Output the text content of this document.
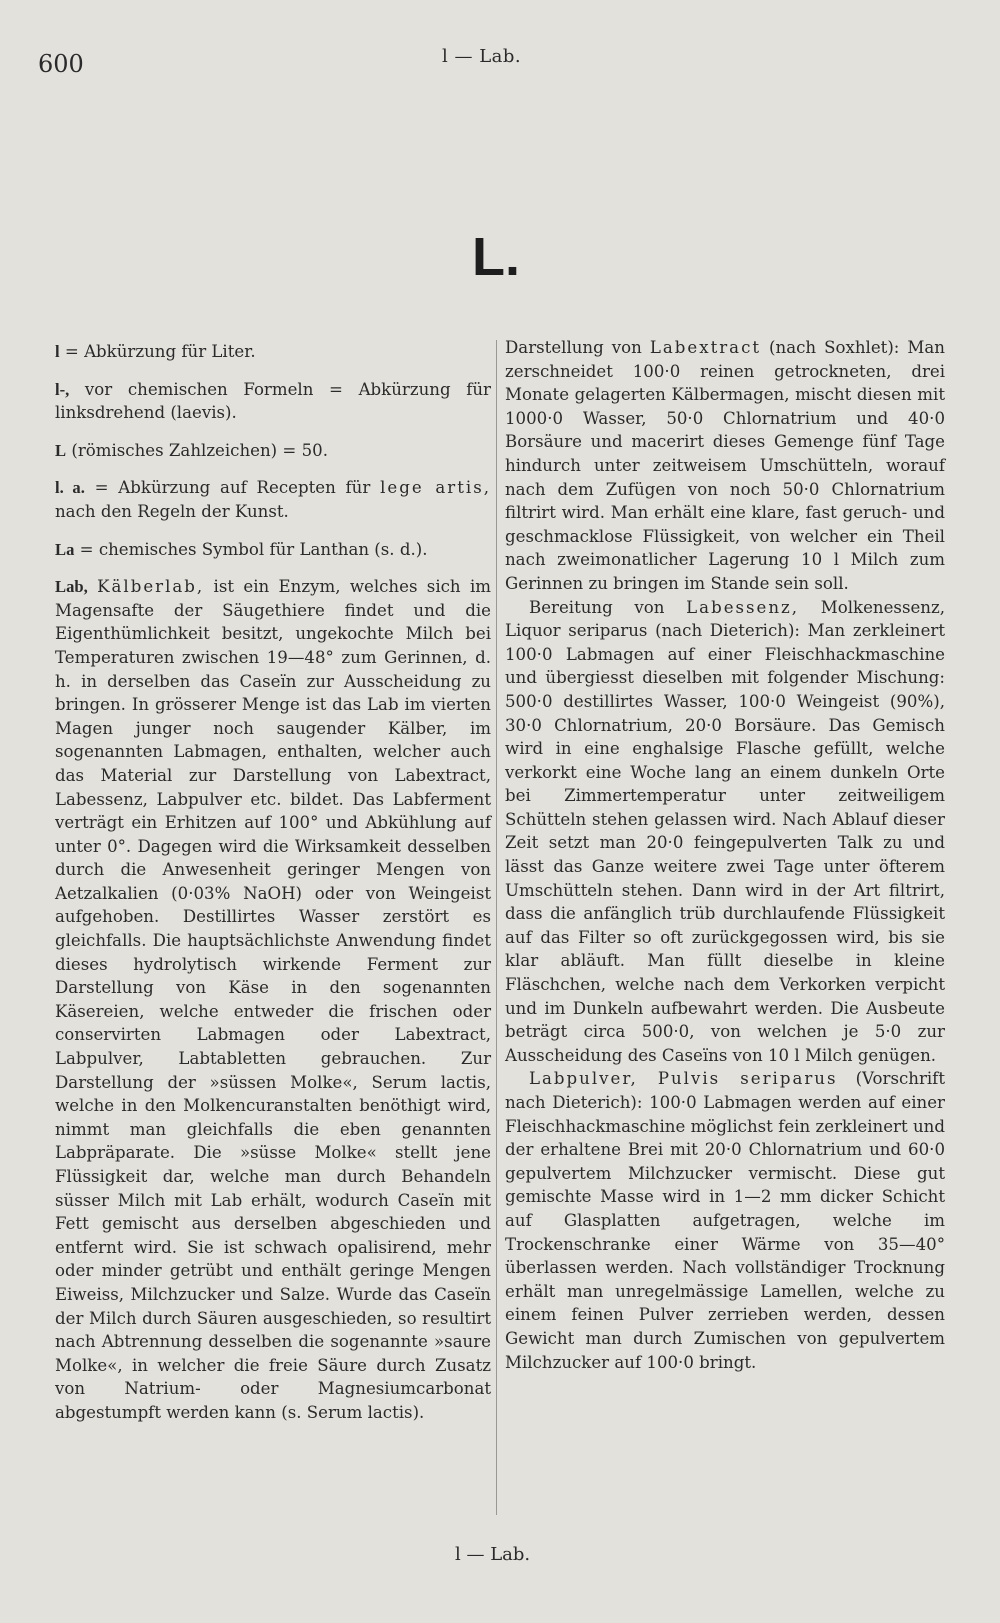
600	l — Lab.
L.

l = Abkürzung für Liter.

l-, vor chemischen Formeln = Abkürzung für linksdrehend (laevis).

L (römisches Zahlzeichen) = 50.

l. a. = Abkürzung auf Recepten für lege artis, nach den Regeln der Kunst.

La = chemisches Symbol für Lanthan (s. d.).

Lab, Kälberlab, ist ein Enzym, welches sich im Magensafte der Säugethiere findet und die Eigenthümlichkeit besitzt, ungekochte Milch bei Temperaturen zwischen 19—48° zum Gerinnen, d. h. in derselben das Caseïn zur Ausscheidung zu bringen. In grösserer Menge ist das Lab im vierten Magen junger noch saugender Kälber, im sogenannten Labmagen, enthalten, welcher auch das Material zur Darstellung von Labextract, Labessenz, Labpulver etc. bildet. Das Labferment verträgt ein Erhitzen auf 100° und Abkühlung auf unter 0°. Dagegen wird die Wirksamkeit desselben durch die Anwesenheit geringer Mengen von Aetzalkalien (0·03% NaOH) oder von Weingeist aufgehoben. Destillirtes Wasser zerstört es gleichfalls. Die hauptsächlichste Anwendung findet dieses hydrolytisch wirkende Ferment zur Darstellung von Käse in den sogenannten Käsereien, welche entweder die frischen oder conservirten Labmagen oder Labextract, Labpulver, Labtabletten gebrauchen. Zur Darstellung der »süssen Molke«, Serum lactis, welche in den Molkencuranstalten benöthigt wird, nimmt man gleichfalls die eben genannten Labpräparate. Die »süsse Molke« stellt jene Flüssigkeit dar, welche man durch Behandeln süsser Milch mit Lab erhält, wodurch Caseïn mit Fett gemischt aus derselben abgeschieden und entfernt wird. Sie ist schwach opalisirend, mehr oder minder getrübt und enthält geringe Mengen Eiweiss, Milchzucker und Salze. Wurde das Caseïn der Milch durch Säuren ausgeschieden, so resultirt nach Abtrennung desselben die sogenannte »saure Molke«, in welcher die freie Säure durch Zusatz von Natrium- oder Magnesiumcarbonat abgestumpft werden kann (s. Serum lactis).

Darstellung von Labextract (nach Soxhlet): Man zerschneidet 100·0 reinen getrockneten, drei Monate gelagerten Kälbermagen, mischt diesen mit 1000·0 Wasser, 50·0 Chlornatrium und 40·0 Borsäure und macerirt dieses Gemenge fünf Tage hindurch unter zeitweisem Umschütteln, worauf nach dem Zufügen von noch 50·0 Chlornatrium filtrirt wird. Man erhält eine klare, fast geruch- und geschmacklose Flüssigkeit, von welcher ein Theil nach zweimonatlicher Lagerung 10 l Milch zum Gerinnen zu bringen im Stande sein soll.

Bereitung von Labessenz, Molkenessenz, Liquor seriparus (nach Dieterich): Man zerkleinert 100·0 Labmagen auf einer Fleischhackmaschine und übergiesst dieselben mit folgender Mischung: 500·0 destillirtes Wasser, 100·0 Weingeist (90%), 30·0 Chlornatrium, 20·0 Borsäure. Das Gemisch wird in eine enghalsige Flasche gefüllt, welche verkorkt eine Woche lang an einem dunkeln Orte bei Zimmertemperatur unter zeitweiligem Schütteln stehen gelassen wird. Nach Ablauf dieser Zeit setzt man 20·0 feingepulverten Talk zu und lässt das Ganze weitere zwei Tage unter öfterem Umschütteln stehen. Dann wird in der Art filtrirt, dass die anfänglich trüb durchlaufende Flüssigkeit auf das Filter so oft zurückgegossen wird, bis sie klar abläuft. Man füllt dieselbe in kleine Fläschchen, welche nach dem Verkorken verpicht und im Dunkeln aufbewahrt werden. Die Ausbeute beträgt circa 500·0, von welchen je 5·0 zur Ausscheidung des Caseïns von 10 l Milch genügen.

Labpulver, Pulvis seriparus (Vorschrift nach Dieterich): 100·0 Labmagen werden auf einer Fleischhackmaschine möglichst fein zerkleinert und der erhaltene Brei mit 20·0 Chlornatrium und 60·0 gepulvertem Milchzucker vermischt. Diese gut gemischte Masse wird in 1—2 mm dicker Schicht auf Glasplatten aufgetragen, welche im Trockenschranke einer Wärme von 35—40° überlassen werden. Nach vollständiger Trocknung erhält man unregelmässige Lamellen, welche zu einem feinen Pulver zerrieben werden, dessen Gewicht man durch Zumischen von gepulvertem Milchzucker auf 100·0 bringt.

l — Lab.
